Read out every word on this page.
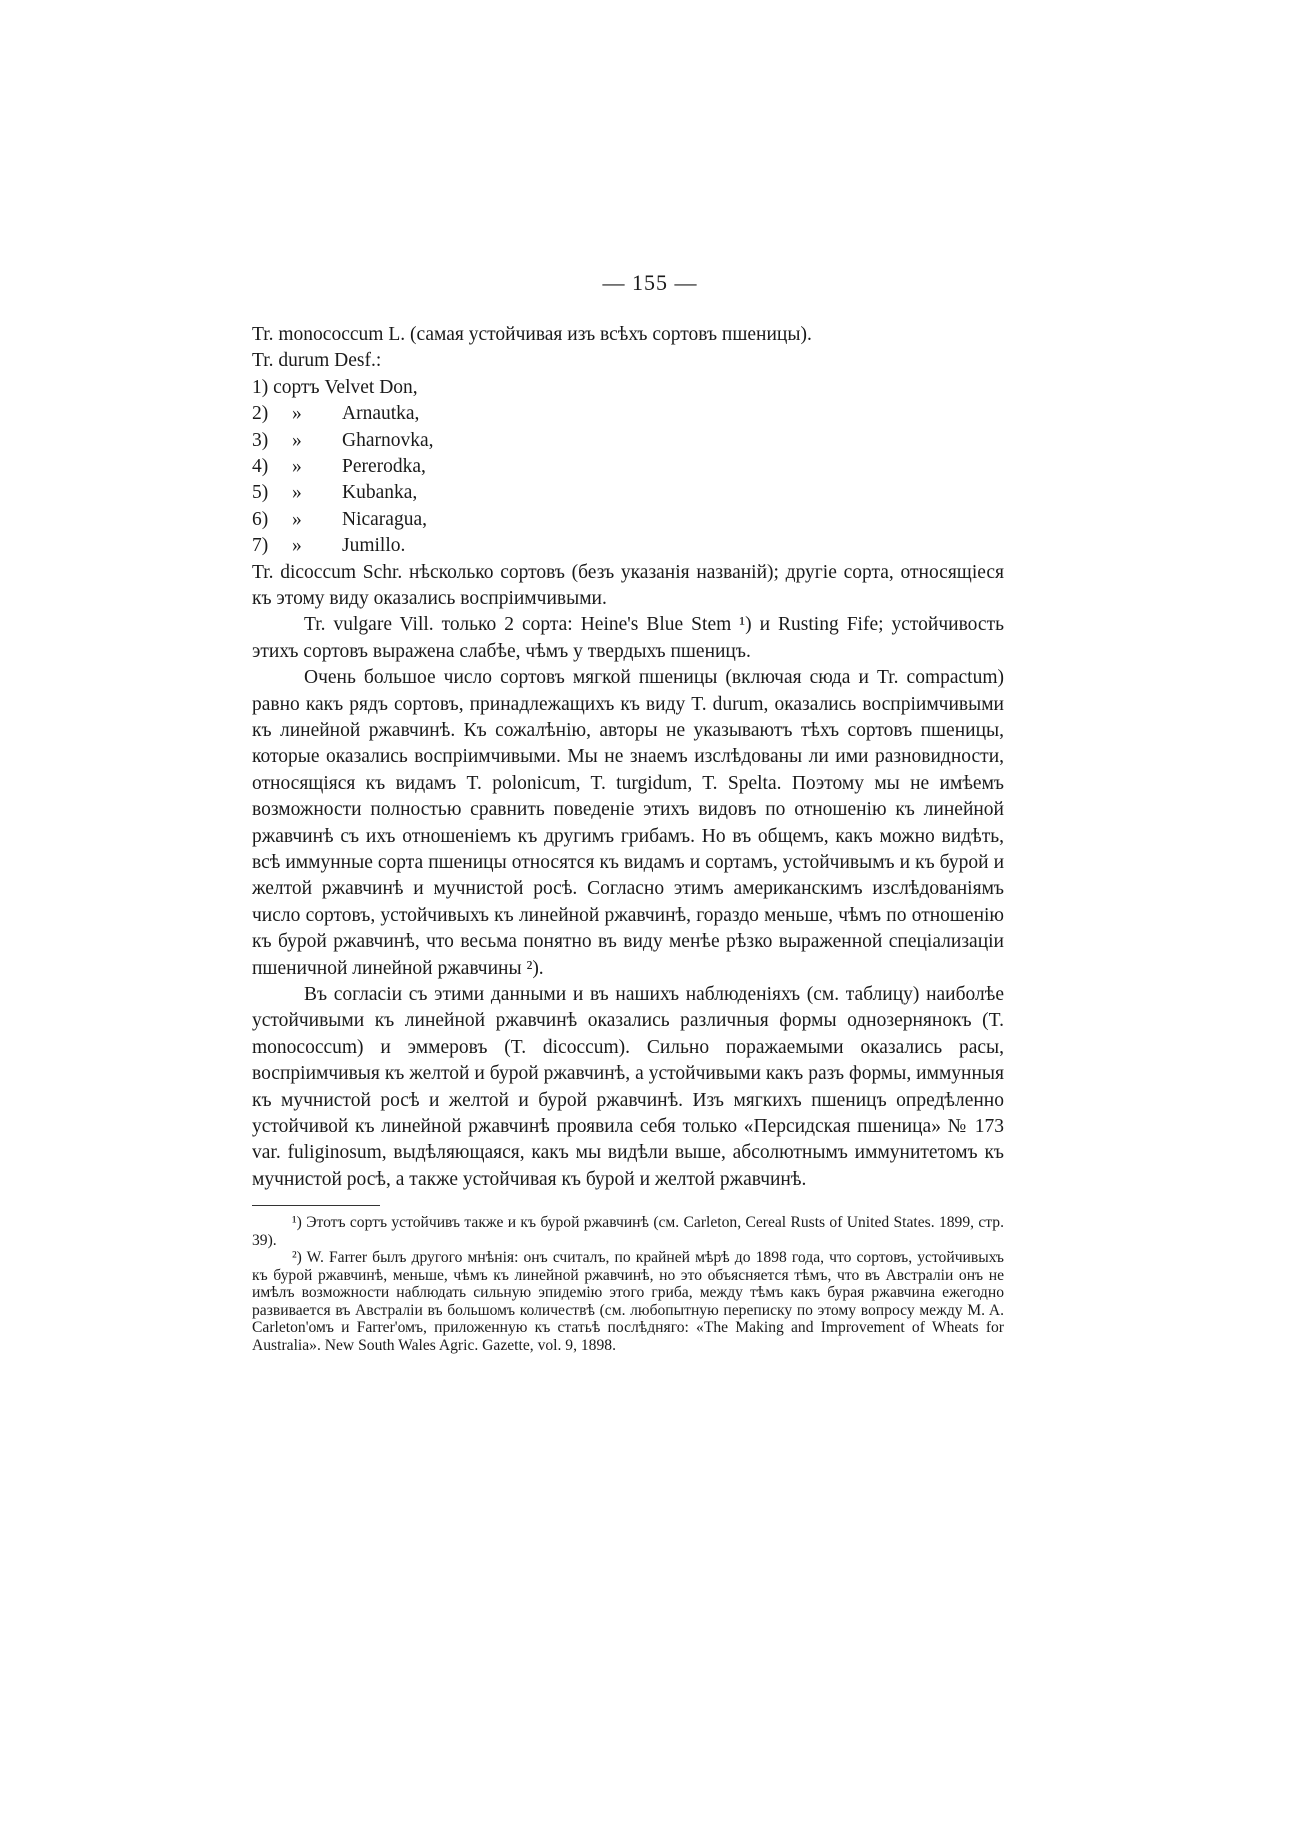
— 155 —
Tr. monococcum L. (самая устойчивая изъ всѣхъ сортовъ пшеницы).
Tr. durum Desf.:
1) сортъ Velvet Don,
2) » Arnautka,
3) » Gharnovka,
4) » Pererodka,
5) » Kubanka,
6) » Nicaragua,
7) » Jumillo.

Tr. dicoccum Schr. нѣсколько сортовъ (безъ указанія названій); другіе сорта, относящіеся къ этому виду оказались воспріимчивыми.

Tr. vulgare Vill. только 2 сорта: Heine's Blue Stem ¹) и Rusting Fife; устойчивость этихъ сортовъ выражена слабѣе, чѣмъ у твердыхъ пшеницъ.

Очень большое число сортовъ мягкой пшеницы (включая сюда и Tr. compactum) равно какъ рядъ сортовъ, принадлежащихъ къ виду T. durum, оказались воспріимчивыми къ линейной ржавчинѣ. Къ сожалѣнію, авторы не указываютъ тѣхъ сортовъ пшеницы, которые оказались воспріимчивыми. Мы не знаемъ изслѣдованы ли ими разновидности, относящіяся къ видамъ T. polonicum, T. turgidum, T. Spelta. Поэтому мы не имѣемъ возможности полностью сравнить поведеніе этихъ видовъ по отношенію къ линейной ржавчинѣ съ ихъ отношеніемъ къ другимъ грибамъ. Но въ общемъ, какъ можно видѣть, всѣ иммунные сорта пшеницы относятся къ видамъ и сортамъ, устойчивымъ и къ бурой и желтой ржавчинѣ и мучнистой росѣ. Согласно этимъ американскимъ изслѣдованіямъ число сортовъ, устойчивыхъ къ линейной ржавчинѣ, гораздо меньше, чѣмъ по отношенію къ бурой ржавчинѣ, что весьма понятно въ виду менѣе рѣзко выраженной спеціализаціи пшеничной линейной ржавчины ²).

Въ согласіи съ этими данными и въ нашихъ наблюденіяхъ (см. таблицу) наиболѣе устойчивыми къ линейной ржавчинѣ оказались различныя формы однозернянокъ (T. monococcum) и эммеровъ (T. dicoccum). Сильно поражаемыми оказались расы, воспріимчивыя къ желтой и бурой ржавчинѣ, а устойчивыми какъ разъ формы, иммунныя къ мучнистой росѣ и желтой и бурой ржавчинѣ. Изъ мягкихъ пшеницъ опредѣленно устойчивой къ линейной ржавчинѣ проявила себя только «Персидская пшеница» № 173 var. fuliginosum, выдѣляющаяся, какъ мы видѣли выше, абсолютнымъ иммунитетомъ къ мучнистой росѣ, а также устойчивая къ бурой и желтой ржавчинѣ.

¹) Этотъ сортъ устойчивъ также и къ бурой ржавчинѣ (см. Carleton, Cereal Rusts of United States. 1899, стр. 39).

²) W. Farrer былъ другого мнѣнія: онъ считалъ, по крайней мѣрѣ до 1898 года, что сортовъ, устойчивыхъ къ бурой ржавчинѣ, меньше, чѣмъ къ линейной ржавчинѣ, но это объясняется тѣмъ, что въ Австраліи онъ не имѣлъ возможности наблюдать сильную эпидемію этого гриба, между тѣмъ какъ бурая ржавчина ежегодно развивается въ Австраліи въ большомъ количествѣ (см. любопытную переписку по этому вопросу между M. A. Carleton'омъ и Farrer'омъ, приложенную къ статьѣ послѣдняго: «The Making and Improvement of Wheats for Australia». New South Wales Agric. Gazette, vol. 9, 1898.
